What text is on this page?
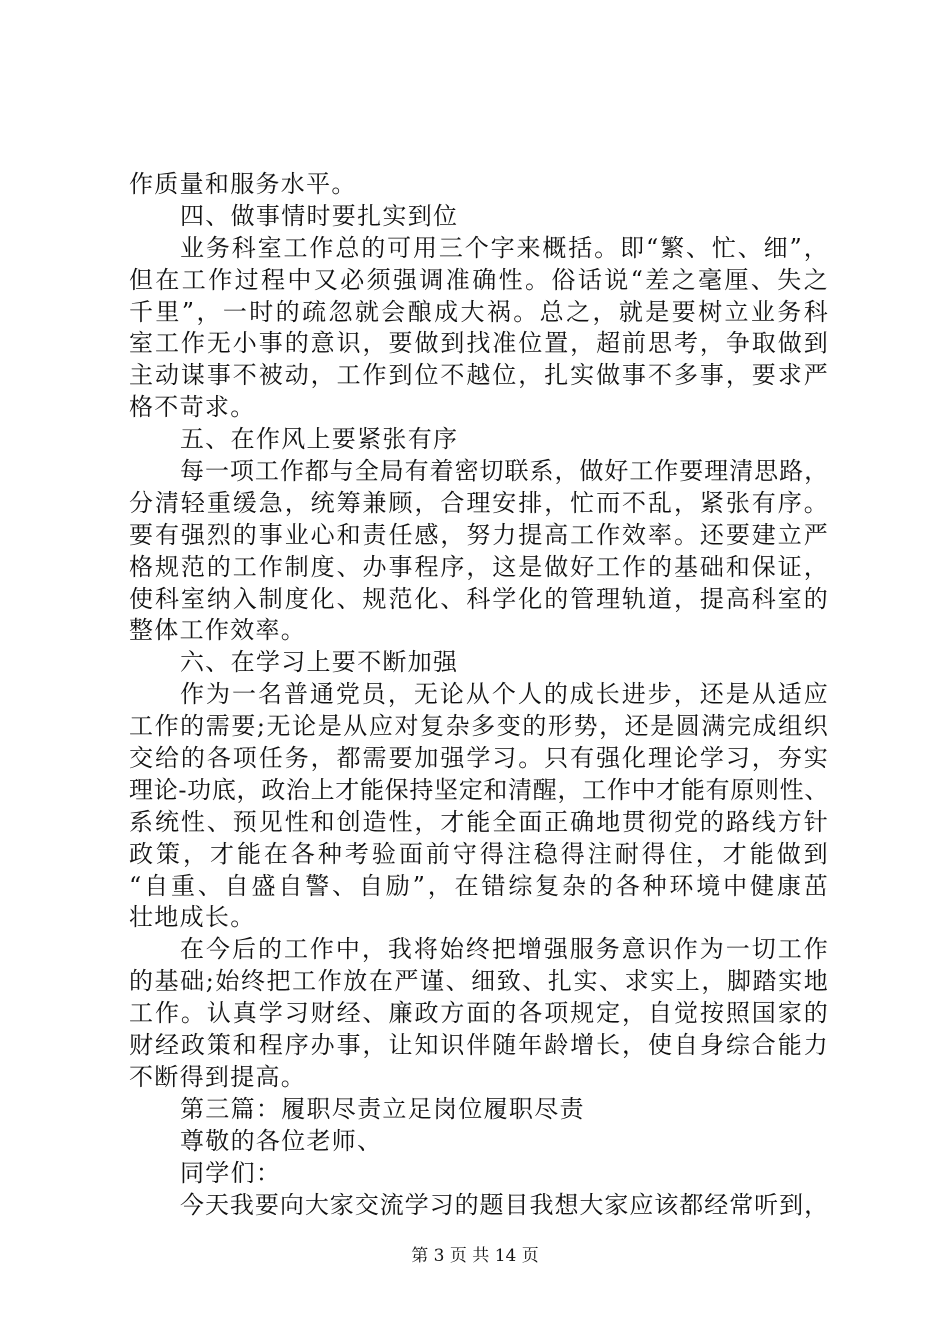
作质量和服务水平。
四、做事情时要扎实到位
业务科室工作总的可用三个字来概括。即“繁、忙、细”，
但在工作过程中又必须强调准确性。俗话说“差之毫厘、失之
千里”，一时的疏忽就会酿成大祸。总之，就是要树立业务科
室工作无小事的意识，要做到找准位置，超前思考，争取做到
主动谋事不被动，工作到位不越位，扎实做事不多事，要求严
格不苛求。
五、在作风上要紧张有序
每一项工作都与全局有着密切联系，做好工作要理清思路，
分清轻重缓急，统筹兼顾，合理安排，忙而不乱，紧张有序。
要有强烈的事业心和责任感，努力提高工作效率。还要建立严
格规范的工作制度、办事程序，这是做好工作的基础和保证，
使科室纳入制度化、规范化、科学化的管理轨道，提高科室的
整体工作效率。
六、在学习上要不断加强
作为一名普通党员，无论从个人的成长进步，还是从适应
工作的需要;无论是从应对复杂多变的形势，还是圆满完成组织
交给的各项任务，都需要加强学习。只有强化理论学习，夯实
理论-功底，政治上才能保持坚定和清醒，工作中才能有原则性、
系统性、预见性和创造性，才能全面正确地贯彻党的路线方针
政策，才能在各种考验面前守得注稳得注耐得住，才能做到
“自重、自盛自警、自励”，在错综复杂的各种环境中健康茁
壮地成长。
在今后的工作中，我将始终把增强服务意识作为一切工作
的基础;始终把工作放在严谨、细致、扎实、求实上，脚踏实地
工作。认真学习财经、廉政方面的各项规定，自觉按照国家的
财经政策和程序办事，让知识伴随年龄增长，使自身综合能力
不断得到提高。
第三篇：履职尽责立足岗位履职尽责
尊敬的各位老师、
同学们：
今天我要向大家交流学习的题目我想大家应该都经常听到，
第 3 页 共 14 页
